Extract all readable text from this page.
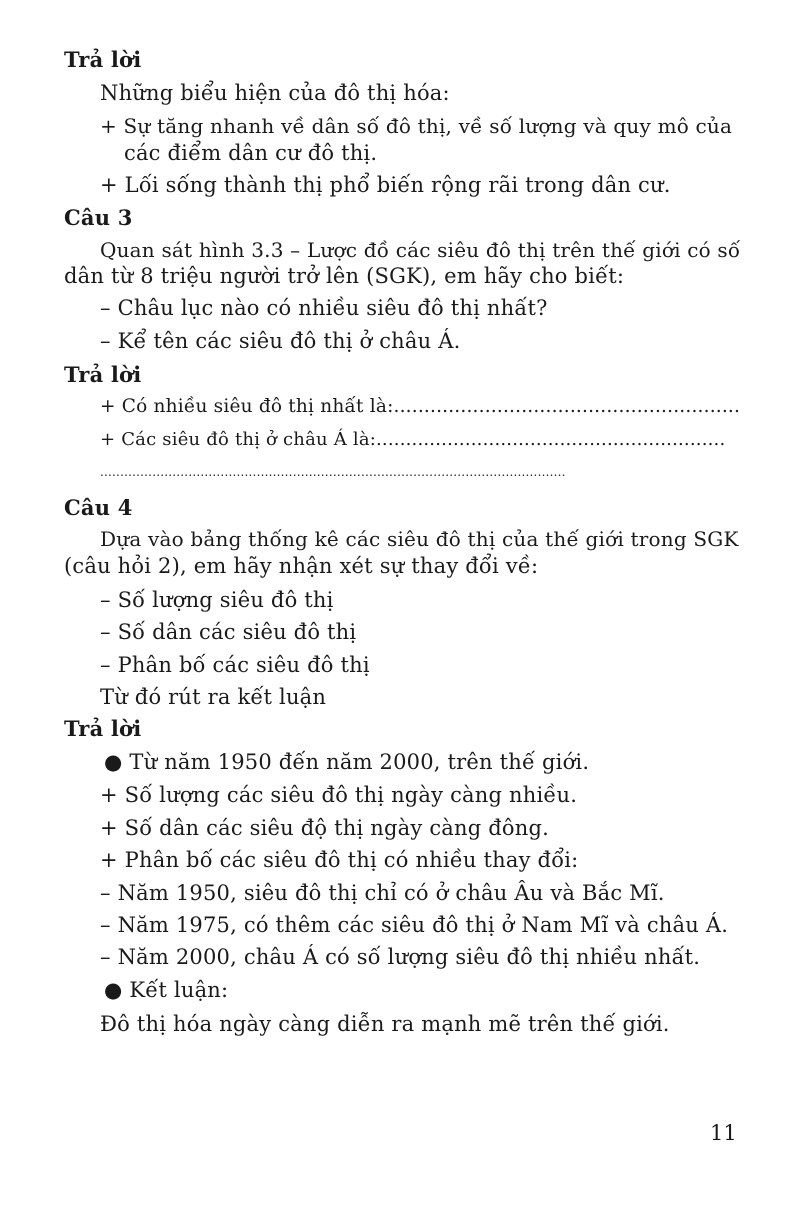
Trả lời
Những biểu hiện của đô thị hóa:
+ Sự tăng nhanh về dân số đô thị, về số lượng và quy mô của
các điểm dân cư đô thị.
+ Lối sống thành thị phổ biến rộng rãi trong dân cư.
Câu 3
Quan sát hình 3.3 – Lược đồ các siêu đô thị trên thế giới có số
dân từ 8 triệu người trở lên (SGK), em hãy cho biết:
– Châu lục nào có nhiều siêu đô thị nhất?
– Kể tên các siêu đô thị ở châu Á.
Trả lời
+ Có nhiều siêu đô thị nhất là:.........................................................
+ Các siêu đô thị ở châu Á là:...........................................................
....................................................................................................................
Câu 4
Dựa vào bảng thống kê các siêu đô thị của thế giới trong SGK
(câu hỏi 2), em hãy nhận xét sự thay đổi về:
– Số lượng siêu đô thị
– Số dân các siêu đô thị
– Phân bố các siêu đô thị
Từ đó rút ra kết luận
Trả lời
● Từ năm 1950 đến năm 2000, trên thế giới.
+ Số lượng các siêu đô thị ngày càng nhiều.
+ Số dân các siêu độ thị ngày càng đông.
+ Phân bố các siêu đô thị có nhiều thay đổi:
– Năm 1950, siêu đô thị chỉ có ở châu Âu và Bắc Mĩ.
– Năm 1975, có thêm các siêu đô thị ở Nam Mĩ và châu Á.
– Năm 2000, châu Á có số lượng siêu đô thị nhiều nhất.
● Kết luận:
Đô thị hóa ngày càng diễn ra mạnh mẽ trên thế giới.
11
